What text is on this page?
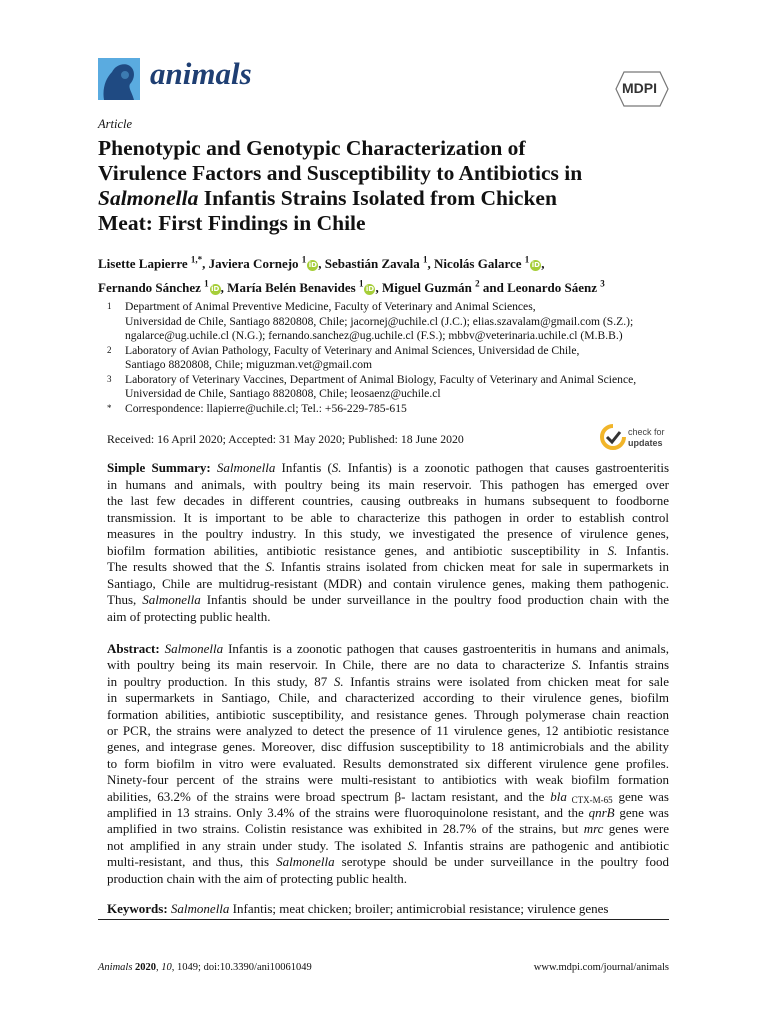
animals	MDPI
Article
Phenotypic and Genotypic Characterization of
Virulence Factors and Susceptibility to Antibiotics in
Salmonella Infantis Strains Isolated from Chicken
Meat: First Findings in Chile
Lisette Lapierre $^{1,*}$, Javiera Cornejo $^1$iD, Sebastián Zavala $^1$, Nicolás Galarce $^1$iD,
Fernando Sánchez $^1$iD, María Belén Benavides $^1$iD, Miguel Guzmán $^2$ and Leonardo Sáenz $^3$
1	Department of Animal Preventive Medicine, Faculty of Veterinary and Animal Sciences,
Universidad de Chile, Santiago 8820808, Chile; jacornej@uchile.cl (J.C.); elias.szavalam@gmail.com (S.Z.);
ngalarce@ug.uchile.cl (N.G.); fernando.sanchez@ug.uchile.cl (F.S.); mbbv@veterinaria.uchile.cl (M.B.B.)
2	Laboratory of Avian Pathology, Faculty of Veterinary and Animal Sciences, Universidad de Chile,
Santiago 8820808, Chile; miguzman.vet@gmail.com
3	Laboratory of Veterinary Vaccines, Department of Animal Biology, Faculty of Veterinary and Animal Science,
Universidad de Chile, Santiago 8820808, Chile; leosaenz@uchile.cl
*	Correspondence: llapierre@uchile.cl; Tel.: +56-229-785-615
Received: 16 April 2020; Accepted: 31 May 2020; Published: 18 June 2020	check for
updates
Simple Summary: Salmonella Infantis (S. Infantis) is a zoonotic pathogen that causes gastroenteritis
in humans and animals, with poultry being its main reservoir. This pathogen has emerged over
the last few decades in different countries, causing outbreaks in humans subsequent to foodborne
transmission. It is important to be able to characterize this pathogen in order to establish control
measures in the poultry industry. In this study, we investigated the presence of virulence genes,
biofilm formation abilities, antibiotic resistance genes, and antibiotic susceptibility in S. Infantis.
The results showed that the S. Infantis strains isolated from chicken meat for sale in supermarkets in
Santiago, Chile are multidrug-resistant (MDR) and contain virulence genes, making them pathogenic.
Thus, Salmonella Infantis should be under surveillance in the poultry food production chain with the
aim of protecting public health.
Abstract: Salmonella Infantis is a zoonotic pathogen that causes gastroenteritis in humans and animals,
with poultry being its main reservoir. In Chile, there are no data to characterize S. Infantis strains
in poultry production. In this study, 87 S. Infantis strains were isolated from chicken meat for sale
in supermarkets in Santiago, Chile, and characterized according to their virulence genes, biofilm
formation abilities, antibiotic susceptibility, and resistance genes. Through polymerase chain reaction
or PCR, the strains were analyzed to detect the presence of 11 virulence genes, 12 antibiotic resistance
genes, and integrase genes. Moreover, disc diffusion susceptibility to 18 antimicrobials and the ability
to form biofilm in vitro were evaluated. Results demonstrated six different virulence gene profiles.
Ninety-four percent of the strains were multi-resistant to antibiotics with weak biofilm formation
abilities, 63.2% of the strains were broad spectrum β- lactam resistant, and the bla $_{CTX-M-65}$ gene was
amplified in 13 strains. Only 3.4% of the strains were fluoroquinolone resistant, and the qnrB gene was
amplified in two strains. Colistin resistance was exhibited in 28.7% of the strains, but mrc genes were
not amplified in any strain under study. The isolated S. Infantis strains are pathogenic and antibiotic
multi-resistant, and thus, this Salmonella serotype should be under surveillance in the poultry food
production chain with the aim of protecting public health.
Keywords: Salmonella Infantis; meat chicken; broiler; antimicrobial resistance; virulence genes
Animals 2020, 10, 1049; doi:10.3390/ani10061049	www.mdpi.com/journal/animals
